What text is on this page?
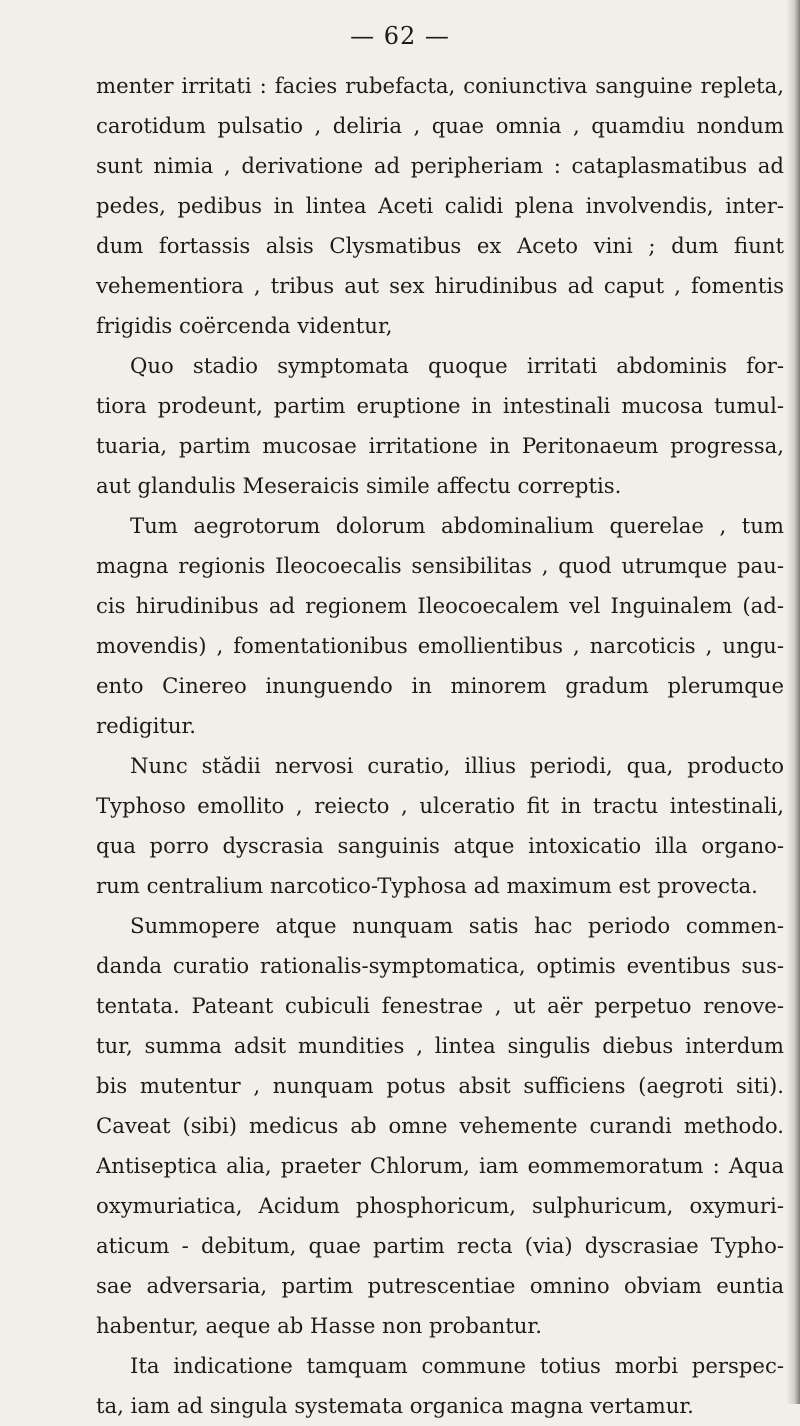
— 62 —
menter irritati : facies rubefacta, coniunctiva sanguine repleta,
carotidum pulsatio , deliria , quae omnia , quamdiu nondum
sunt nimia , derivatione ad peripheriam : cataplasmatibus ad
pedes, pedibus in lintea Aceti calidi plena involvendis, inter-
dum fortassis alsis Clysmatibus ex Aceto vini ; dum fiunt
vehementiora , tribus aut sex hirudinibus ad caput , fomentis
frigidis coërcenda videntur,
Quo stadio symptomata quoque irritati abdominis for-
tiora prodeunt, partim eruptione in intestinali mucosa tumul-
tuaria, partim mucosae irritatione in Peritonaeum progressa,
aut glandulis Meseraicis simile affectu correptis.
Tum aegrotorum dolorum abdominalium querelae , tum
magna regionis Ileocoecalis sensibilitas , quod utrumque pau-
cis hirudinibus ad regionem Ileocoecalem vel Inguinalem (ad-
movendis) , fomentationibus emollientibus , narcoticis , ungu-
ento Cinereo inunguendo in minorem gradum plerumque
redigitur.
Nunc stădii nervosi curatio, illius periodi, qua, producto
Typhoso emollito , reiecto , ulceratio fit in tractu intestinali,
qua porro dyscrasia sanguinis atque intoxicatio illa organo-
rum centralium narcotico-Typhosa ad maximum est provecta.
Summopere atque nunquam satis hac periodo commen-
danda curatio rationalis-symptomatica, optimis eventibus sus-
tentata. Pateant cubiculi fenestrae , ut aër perpetuo renove-
tur, summa adsit mundities , lintea singulis diebus interdum
bis mutentur , nunquam potus absit sufficiens (aegroti siti).
Caveat (sibi) medicus ab omne vehemente curandi methodo.
Antiseptica alia, praeter Chlorum, iam eommemoratum : Aqua
oxymuriatica, Acidum phosphoricum, sulphuricum, oxymuri-
aticum - debitum, quae partim recta (via) dyscrasiae Typho-
sae adversaria, partim putrescentiae omnino obviam euntia
habentur, aeque ab Hasse non probantur.
Ita indicatione tamquam commune totius morbi perspec-
ta, iam ad singula systemata organica magna vertamur.
